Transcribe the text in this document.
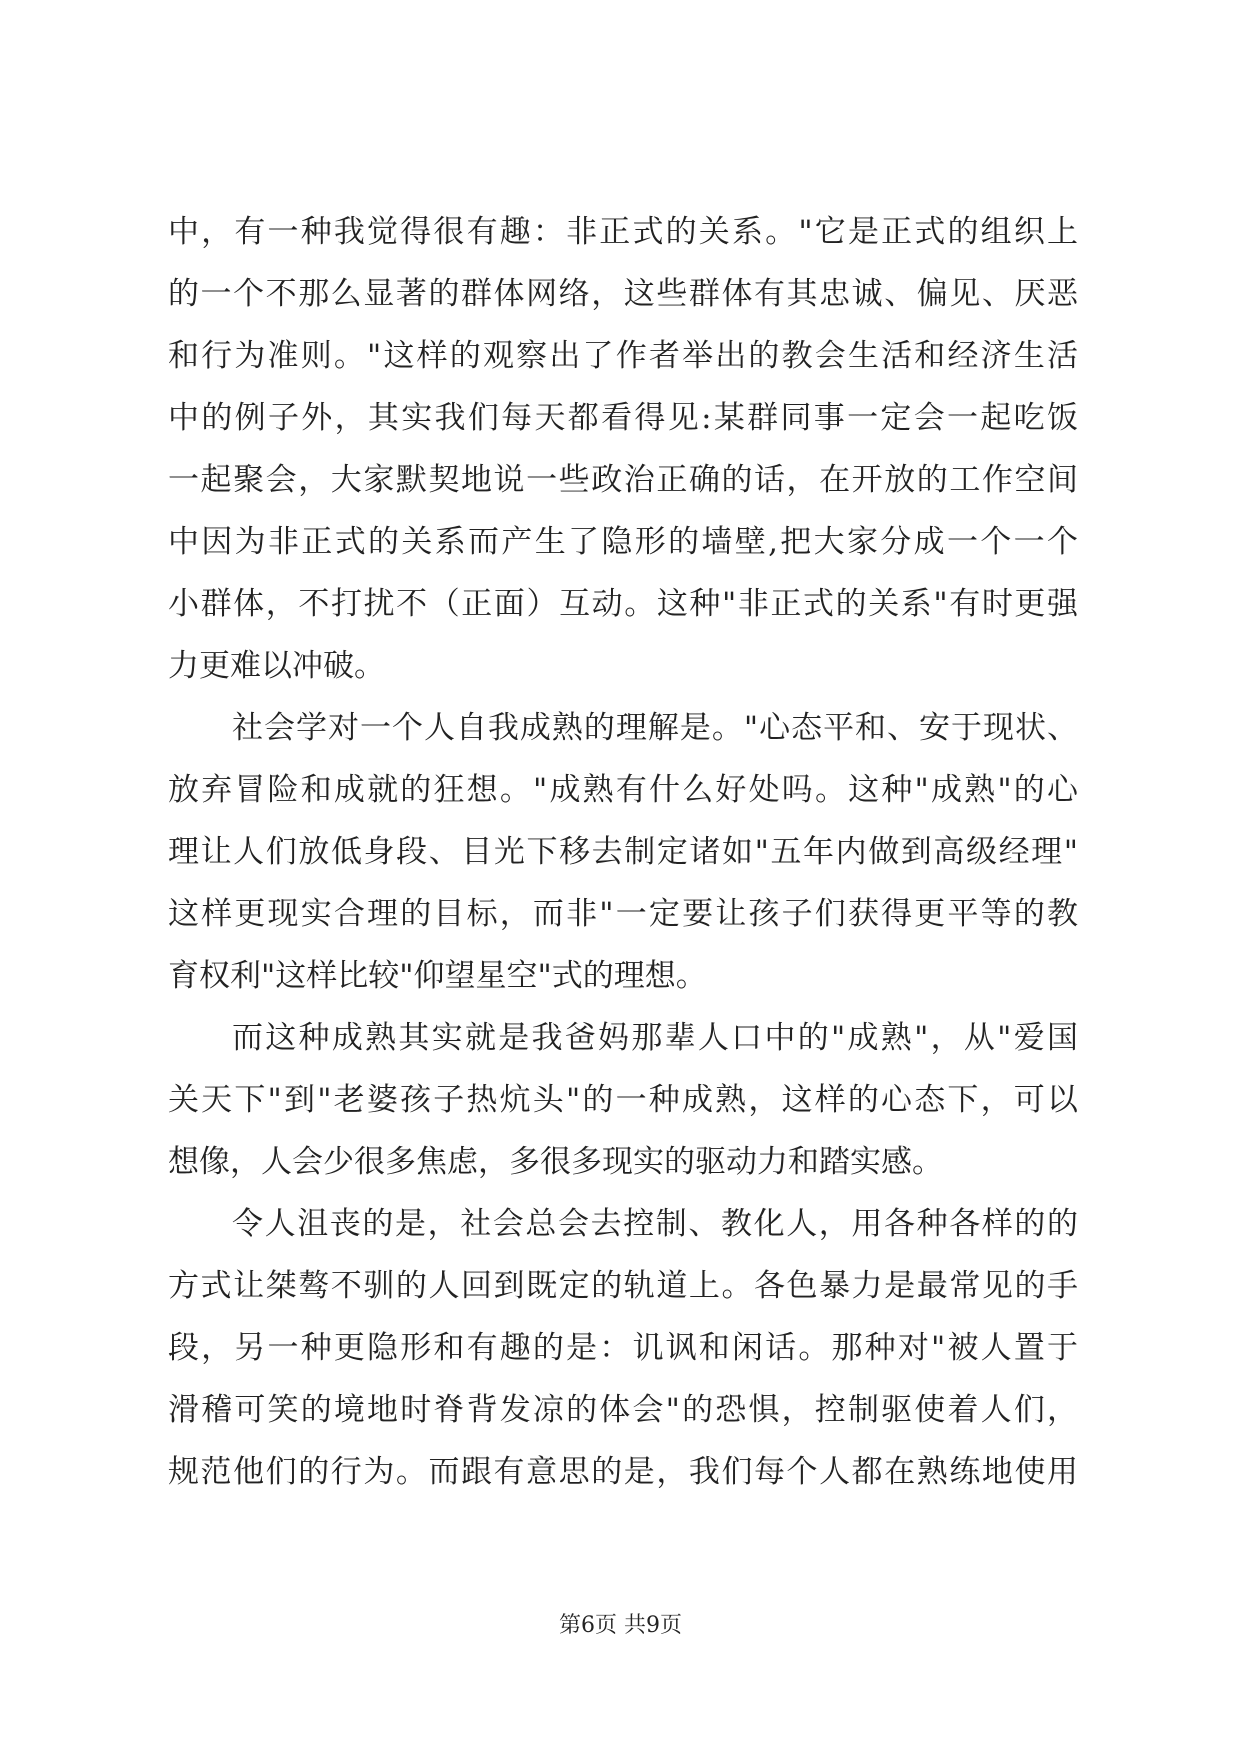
中，有一种我觉得很有趣：非正式的关系。"它是正式的组织上
的一个不那么显著的群体网络，这些群体有其忠诚、偏见、厌恶
和行为准则。"这样的观察出了作者举出的教会生活和经济生活
中的例子外，其实我们每天都看得见:某群同事一定会一起吃饭
一起聚会，大家默契地说一些政治正确的话，在开放的工作空间
中因为非正式的关系而产生了隐形的墙壁,把大家分成一个一个
小群体，不打扰不（正面）互动。这种"非正式的关系"有时更强
力更难以冲破。
社会学对一个人自我成熟的理解是。"心态平和、安于现状、
放弃冒险和成就的狂想。"成熟有什么好处吗。这种"成熟"的心
理让人们放低身段、目光下移去制定诸如"五年内做到高级经理"
这样更现实合理的目标，而非"一定要让孩子们获得更平等的教
育权利"这样比较"仰望星空"式的理想。
而这种成熟其实就是我爸妈那辈人口中的"成熟"，从"爱国
关天下"到"老婆孩子热炕头"的一种成熟，这样的心态下，可以
想像，人会少很多焦虑，多很多现实的驱动力和踏实感。
令人沮丧的是，社会总会去控制、教化人，用各种各样的的
方式让桀骜不驯的人回到既定的轨道上。各色暴力是最常见的手
段，另一种更隐形和有趣的是：讥讽和闲话。那种对"被人置于
滑稽可笑的境地时脊背发凉的体会"的恐惧，控制驱使着人们，
规范他们的行为。而跟有意思的是，我们每个人都在熟练地使用
第6页 共9页
